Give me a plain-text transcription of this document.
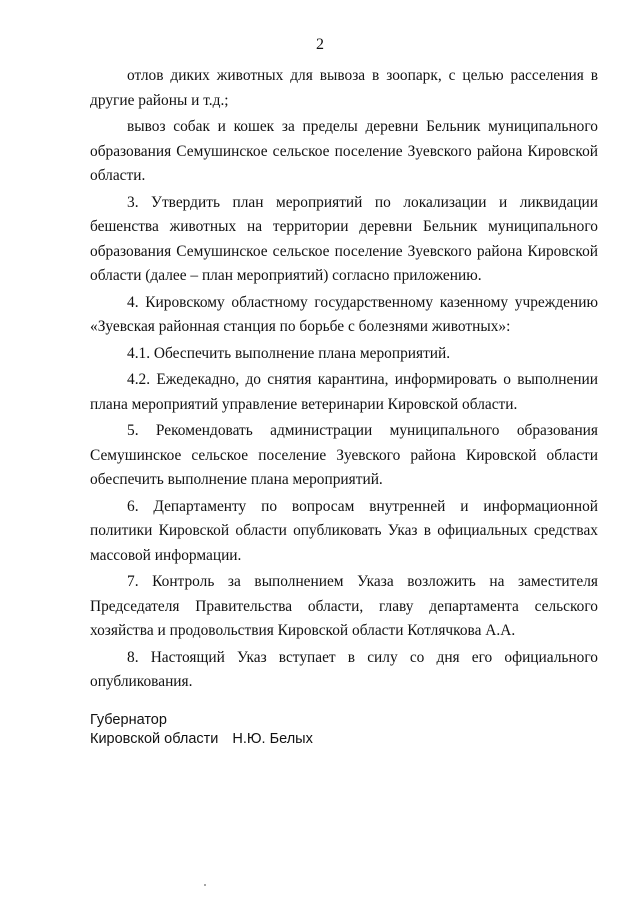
2

отлов диких животных для вывоза в зоопарк, с целью расселения в другие районы и т.д.;

вывоз собак и кошек за пределы деревни Бельник муниципального образования Семушинское сельское поселение Зуевского района Кировской области.

3. Утвердить план мероприятий по локализации и ликвидации бешенства животных на территории деревни Бельник муниципального образования Семушинское сельское поселение Зуевского района Кировской области (далее – план мероприятий) согласно приложению.

4. Кировскому областному государственному казенному учреждению «Зуевская районная станция по борьбе с болезнями животных»:

4.1. Обеспечить выполнение плана мероприятий.

4.2. Ежедекадно, до снятия карантина, информировать о выполнении плана мероприятий управление ветеринарии Кировской области.

5. Рекомендовать администрации муниципального образования Семушинское сельское поселение Зуевского района Кировской области обеспечить выполнение плана мероприятий.

6. Департаменту по вопросам внутренней и информационной политики Кировской области опубликовать Указ в официальных средствах массовой информации.

7. Контроль за выполнением Указа возложить на заместителя Председателя Правительства области, главу департамента сельского хозяйства и продовольствия Кировской области Котлячкова А.А.

8. Настоящий Указ вступает в силу со дня его официального опубликования.

Губернатор
Кировской области Н.Ю. Белых
